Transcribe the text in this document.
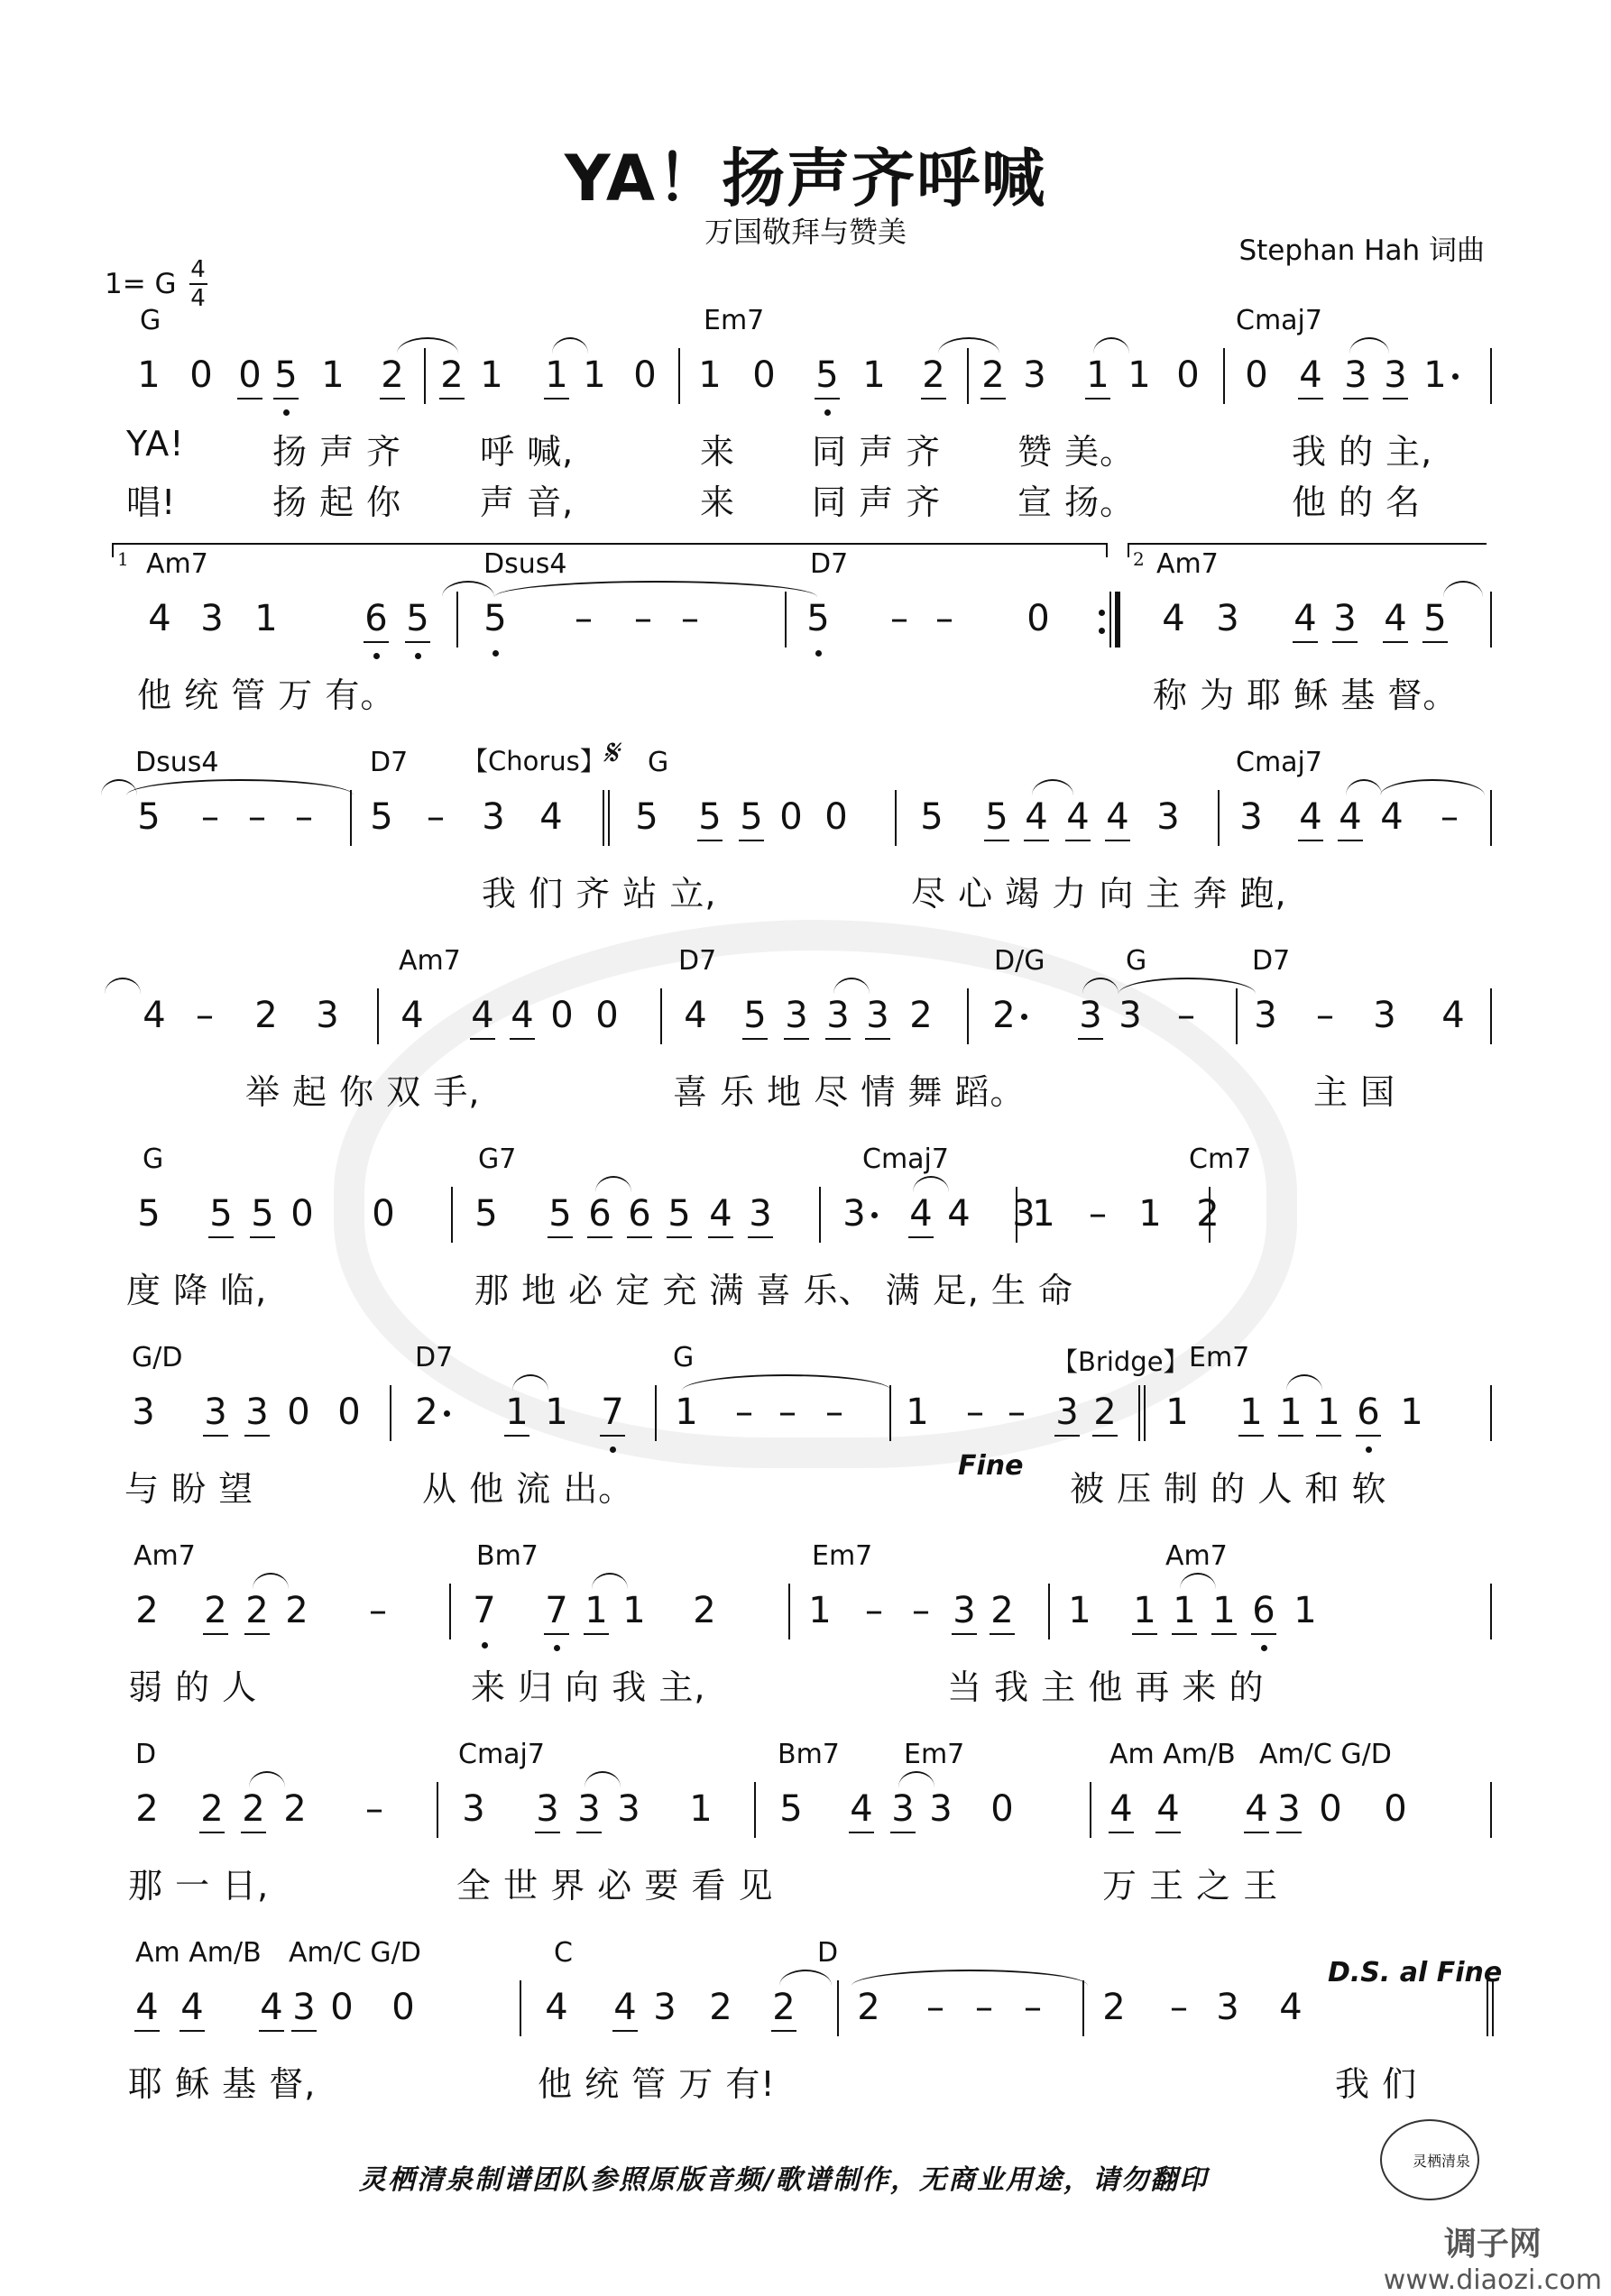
YA！扬声齐呼喊
万国敬拜与赞美
Stephan Hah 词曲
1= G $\frac{4}{4}$
G	Em7	Cmaj7
1 0 0 5 1 2 2 1 1 1 0 1 0 5 1 2 2 3 1 1 0 0 4 3 3 1
YA!	扬 声 齐 呼 喊,	来 同 声 齐 赞 美。	我 的 主,
唱!	扬 起 你 声 音,	来 同 声 齐 宣 扬。	他 的 名
1	2
Am7	Dsus4	D7	Am7
4 3 1 6 5 5 – – –	5 – – 0	4 3 4 3 4 5
他 统 管 万 有。	称 为 耶 稣 基 督。
Dsus4	D7	G	Cmaj7
【Chorus】
𝄋
5 – – – 5 – 3 4 5 5 5 0 0 5 5 4 4 4 3 3 4 4 4 –
我 们 齐 站 立,	尽 心 竭 力 向 主 奔 跑,
Am7	D7	D/G	G	D7
4 – 2 3 4 4 4 0 0 4 5 3 3 3 2 2 3 3 – 3 – 3 4
举 起 你 双 手,	喜 乐 地 尽 情 舞 蹈。	主 国
G	G7	Cmaj7	Cm7
5 5 5 0 0 5 5 6 6 5 4 3 3 4 4 3
1 – 1 2
度 降 临,	那 地 必 定 充 满 喜 乐、 满 足, 生 命
G/D	D7	G	Em7
【Bridge】
Fine
3 3 3 0 0 2 1 1 7 1 – – – 1 – – 3 2 1 1 1 1 6 1
与 盼 望	从 他 流 出。	被 压 制 的 人 和 软
Am7	Bm7	Em7	Am7
2 2 2 2 – 7 7 1 1 2	1 – – 3 2 1 1 1 1 6 1
弱 的 人	来 归 向 我 主,	当 我 主 他 再 来 的
D	Cmaj7	Bm7 Em7	Am Am/B Am/C G/D
2 2 2 2 – 3 3 3 3 1 5 4 3 3 0	4 4 4 3 0 0
那 一 日,	全 世 界 必 要 看 见	万 王 之 王
Am Am/B Am/C G/D	C	D
D.S. al Fine
4 4 4 3 0 0	4 4 3 2 2 2 – – – 2 – 3 4
耶 稣 基 督,	他 统 管 万 有!	我 们
灵栖清泉制谱团队参照原版音频/歌谱制作，无商业用途，请勿翻印
灵栖清泉
调子网
www.diaozi.com
